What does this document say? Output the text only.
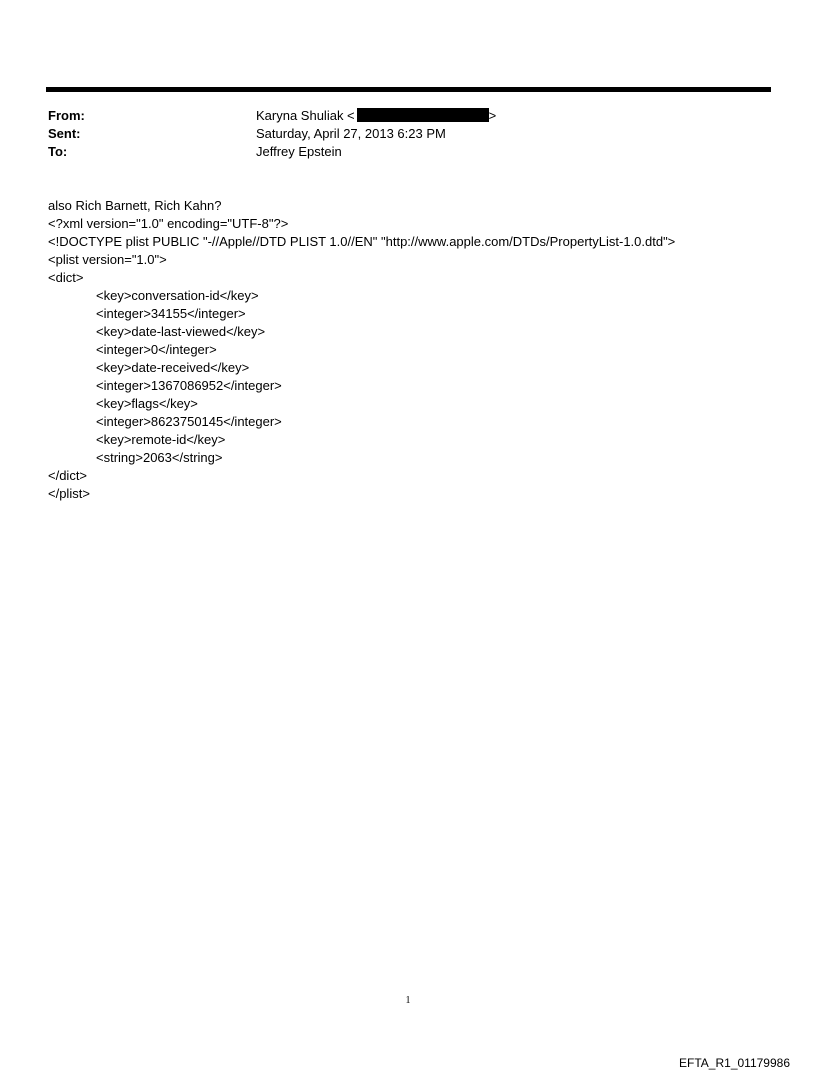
From:	Karyna Shuliak <	>
Sent:	Saturday, April 27, 2013 6:23 PM
To:	Jeffrey Epstein
also Rich Barnett, Rich Kahn?
<?xml version="1.0" encoding="UTF-8"?>
<!DOCTYPE plist PUBLIC "-//Apple//DTD PLIST 1.0//EN" "http://www.apple.com/DTDs/PropertyList-1.0.dtd">
<plist version="1.0">
<dict>
<key>conversation-id</key>
<integer>34155</integer>
<key>date-last-viewed</key>
<integer>0</integer>
<key>date-received</key>
<integer>1367086952</integer>
<key>flags</key>
<integer>8623750145</integer>
<key>remote-id</key>
<string>2063</string>
</dict>
</plist>
1
EFTA_R1_01179986
